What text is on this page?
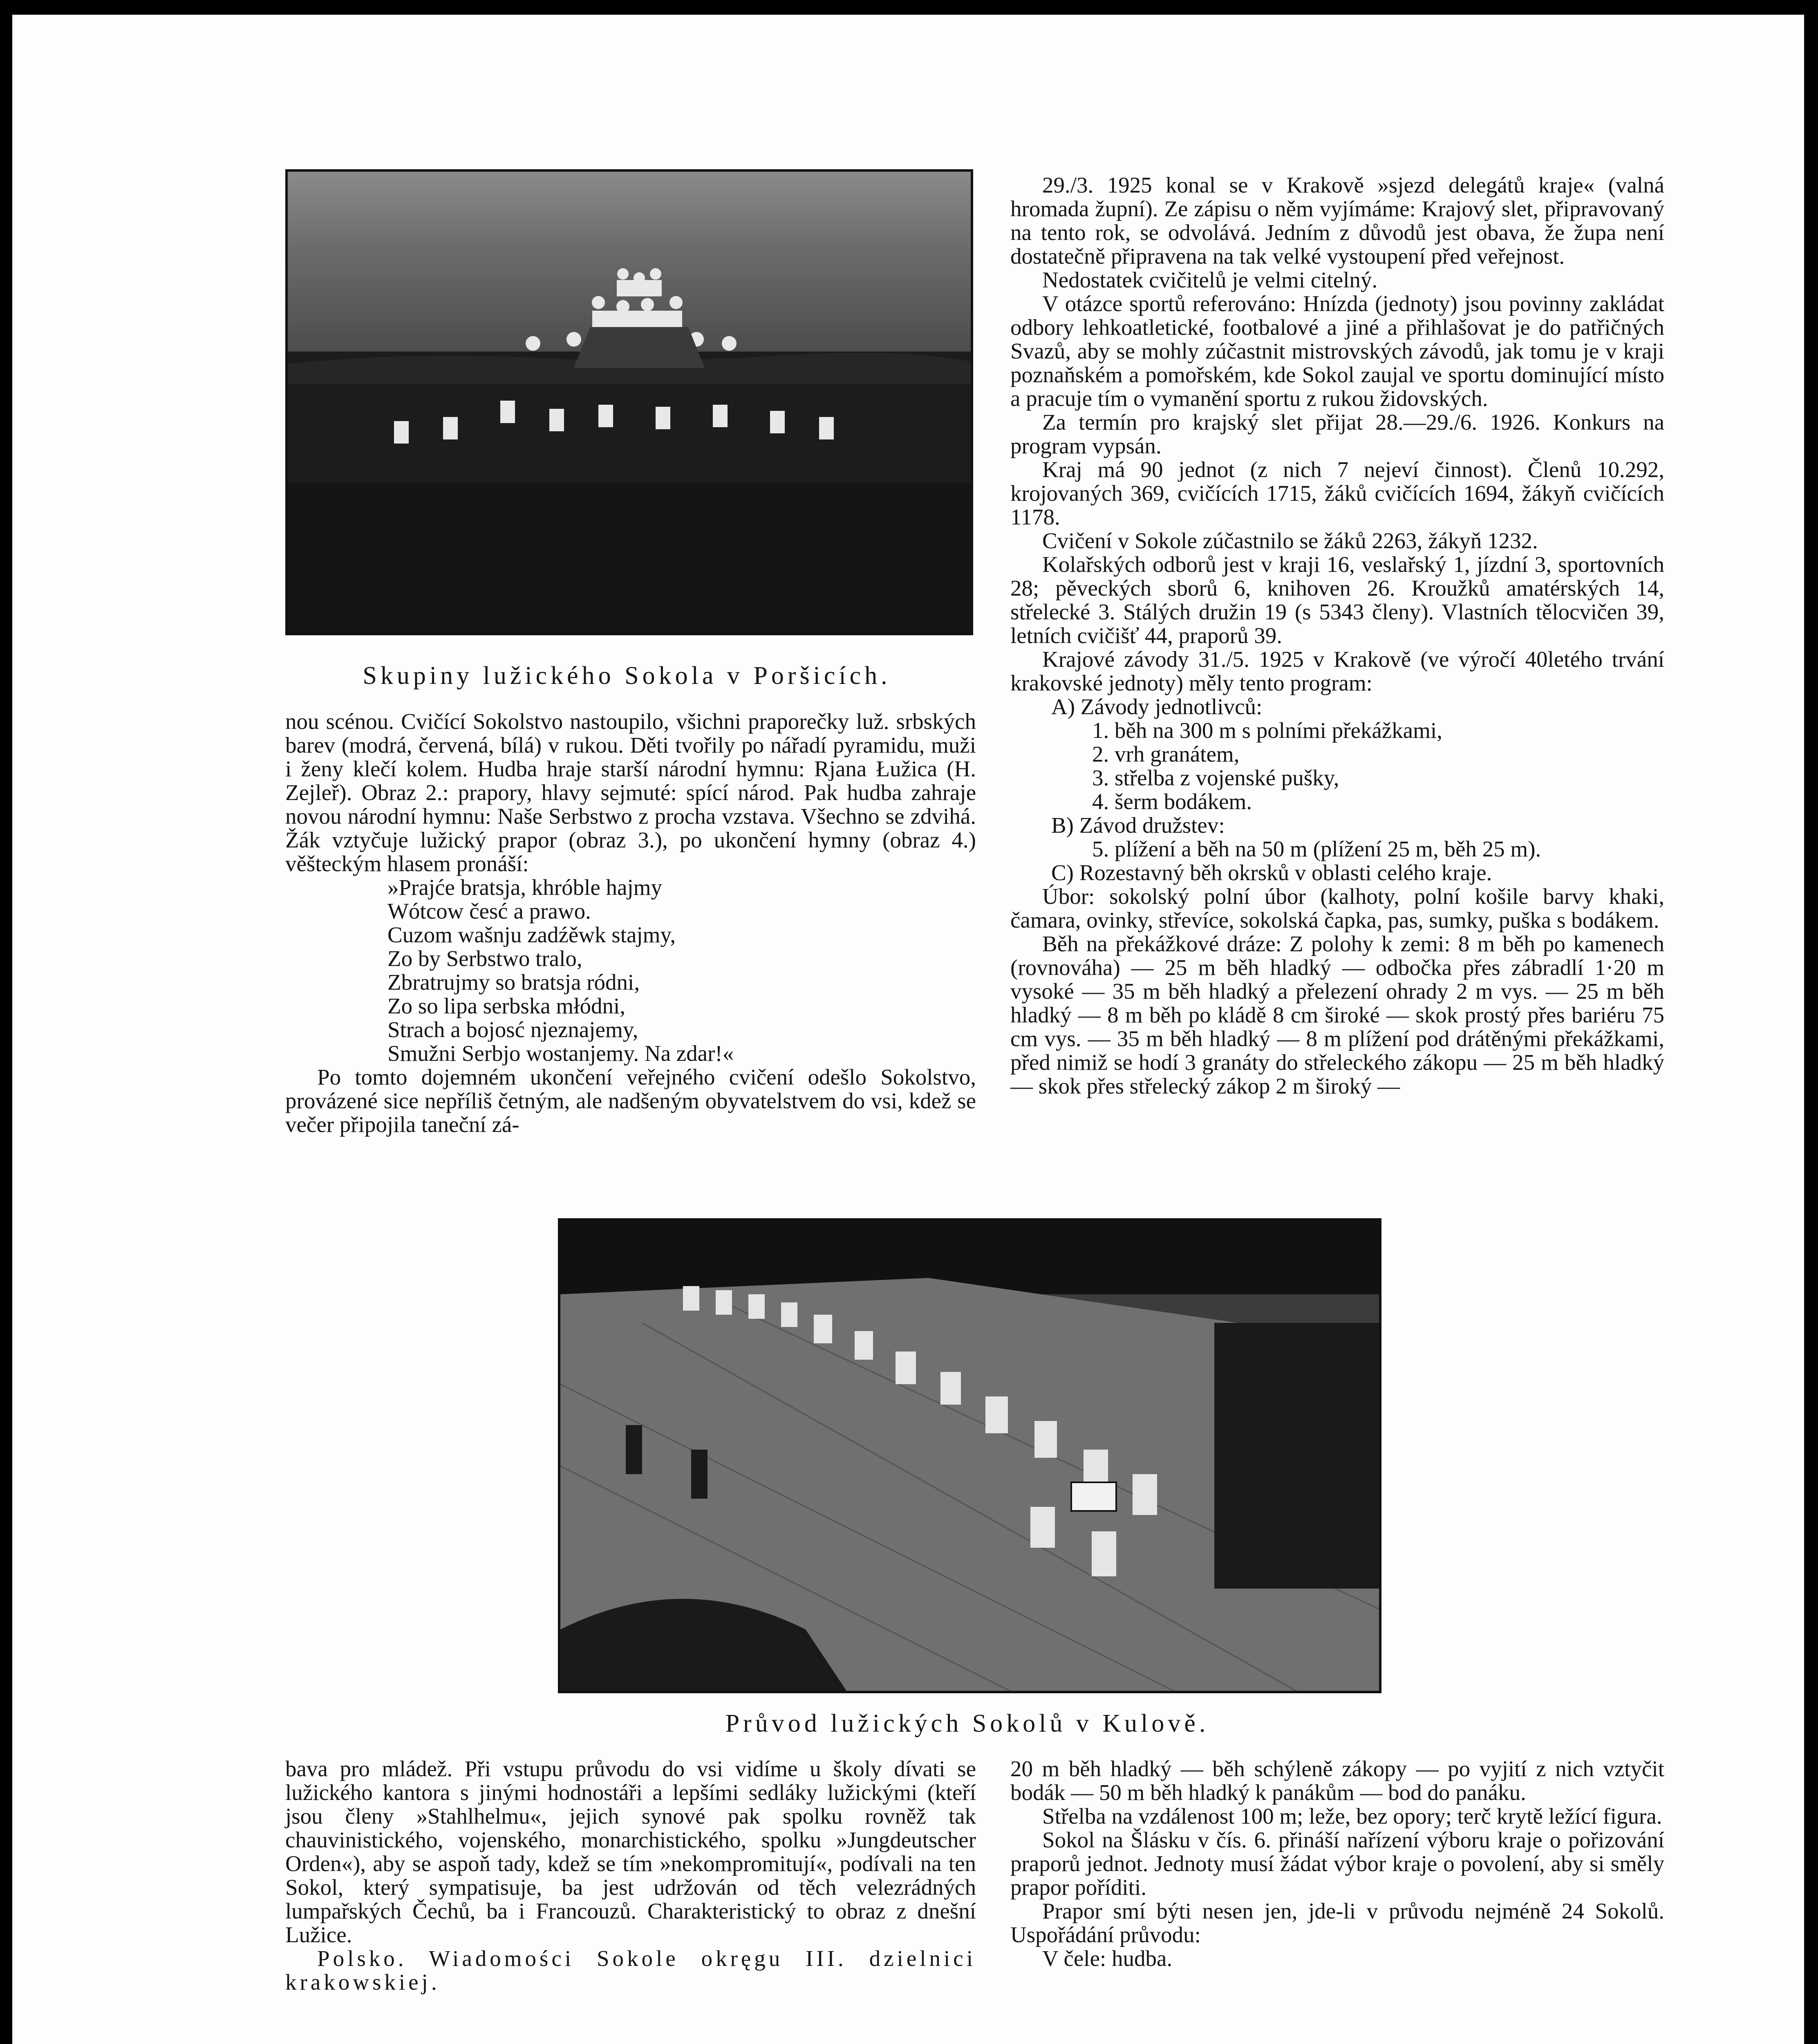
Skupiny lužického Sokola v Poršicích.

nou scénou. Cvičící Sokolstvo nastoupilo, všichni praporečky luž. srbských barev (modrá, červená, bílá) v rukou. Děti tvořily po nářadí pyramidu, muži i ženy klečí kolem. Hudba hraje starší národní hymnu: Rjana Łužica (H. Zejleř). Obraz 2.: prapory, hlavy sejmuté: spící národ. Pak hudba zahraje novou národní hymnu: Naše Serbstwo z procha vzstava. Všechno se zdvihá. Žák vztyčuje lužický prapor (obraz 3.), po ukončení hymny (obraz 4.) věšteckým hlasem pronáší:

»Prajće bratsja, khróble hajmy

Wótcow česć a prawo.

Cuzom wašnju zadźěwk stajmy,

Zo by Serbstwo tralo,

Zbratrujmy so bratsja ródni,

Zo so lipa serbska młódni,

Strach a bojosć njeznajemy,

Smužni Serbjo wostanjemy. Na zdar!«

Po tomto dojemném ukončení veřejného cvičení odešlo Sokolstvo, provázené sice nepříliš četným, ale nadšeným obyvatelstvem do vsi, kdež se večer připojila taneční zá-

29./3. 1925 konal se v Krakově »sjezd delegátů kraje« (valná hromada župní). Ze zápisu o něm vyjímáme: Krajový slet, připravovaný na tento rok, se odvolává. Jedním z důvodů jest obava, že župa není dostatečně připravena na tak velké vystoupení před veřejnost.

Nedostatek cvičitelů je velmi citelný.

V otázce sportů referováno: Hnízda (jednoty) jsou povinny zakládat odbory lehkoatletické, footbalové a jiné a přihlašovat je do patřičných Svazů, aby se mohly zúčastnit mistrovských závodů, jak tomu je v kraji poznaňském a pomořském, kde Sokol zaujal ve sportu dominující místo a pracuje tím o vymanění sportu z rukou židovských.

Za termín pro krajský slet přijat 28.—29./6. 1926. Konkurs na program vypsán.

Kraj má 90 jednot (z nich 7 nejeví činnost). Členů 10.292, krojovaných 369, cvičících 1715, žáků cvičících 1694, žákyň cvičících 1178.

Cvičení v Sokole zúčastnilo se žáků 2263, žákyň 1232.

Kolařských odborů jest v kraji 16, veslařský 1, jízdní 3, sportovních 28; pěveckých sborů 6, knihoven 26. Kroužků amatérských 14, střelecké 3. Stálých družin 19 (s 5343 členy). Vlastních tělocvičen 39, letních cvičišť 44, praporů 39.

Krajové závody 31./5. 1925 v Krakově (ve výročí 40letého trvání krakovské jednoty) měly tento program:

A) Závody jednotlivců:

1. běh na 300 m s polními překážkami,

2. vrh granátem,

3. střelba z vojenské pušky,

4. šerm bodákem.

B) Závod družstev:

5. plížení a běh na 50 m (plížení 25 m, běh 25 m).

C) Rozestavný běh okrsků v oblasti celého kraje.

Úbor: sokolský polní úbor (kalhoty, polní košile barvy khaki, čamara, ovinky, střevíce, sokolská čapka, pas, sumky, puška s bodákem.

Běh na překážkové dráze: Z polohy k zemi: 8 m běh po kamenech (rovnováha) — 25 m běh hladký — odbočka přes zábradlí 1·20 m vysoké — 35 m běh hladký a přelezení ohrady 2 m vys. — 25 m běh hladký — 8 m běh po kládě 8 cm široké — skok prostý přes bariéru 75 cm vys. — 35 m běh hladký — 8 m plížení pod drátěnými překážkami, před nimiž se hodí 3 granáty do střeleckého zákopu — 25 m běh hladký — skok přes střelecký zákop 2 m široký —

Průvod lužických Sokolů v Kulově.

bava pro mládež. Při vstupu průvodu do vsi vidíme u školy dívati se lužického kantora s jinými hodnostáři a lepšími sedláky lužickými (kteří jsou členy »Stahlhelmu«, jejich synové pak spolku rovněž tak chauvinistického, vojenského, monarchistického, spolku »Jungdeutscher Orden«), aby se aspoň tady, kdež se tím »nekompromitují«, podívali na ten Sokol, který sympatisuje, ba jest udržován od těch velezrádných lumpařských Čechů, ba i Francouzů. Charakteristický to obraz z dnešní Lužice.

Polsko. Wiadomości Sokole okręgu III. dzielnici krakowskiej.

20 m běh hladký — běh schýleně zákopy — po vyjití z nich vztyčit bodák — 50 m běh hladký k panákům — bod do panáku.

Střelba na vzdálenost 100 m; leže, bez opory; terč krytě ležící figura.

Sokol na Šlásku v čís. 6. přináší nařízení výboru kraje o pořizování praporů jednot. Jednoty musí žádat výbor kraje o povolení, aby si směly prapor poříditi.

Prapor smí býti nesen jen, jde-li v průvodu nejméně 24 Sokolů. Uspořádání průvodu:

V čele: hudba.
